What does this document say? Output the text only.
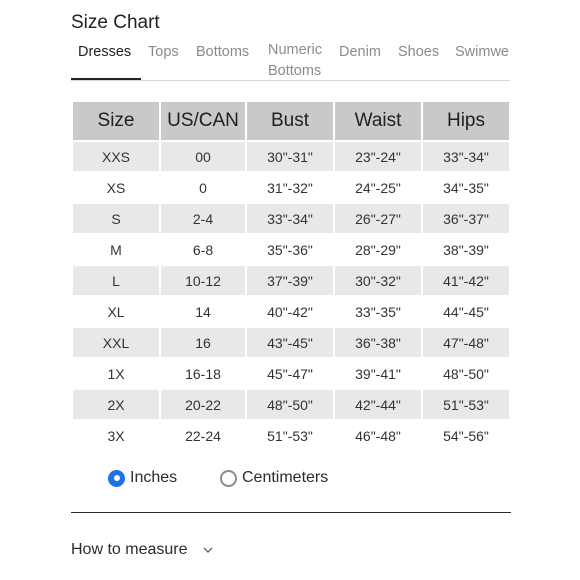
Size Chart
Dresses Tops Bottoms Numeric
Bottoms
Denim Shoes Swimwe
Size	US/CAN	Bust	Waist	Hips
XXS	00	30"-31"	23"-24"	33"-34"
XS	0	31"-32"	24"-25"	34"-35"
S	2-4	33"-34"	26"-27"	36"-37"
M	6-8	35"-36"	28"-29"	38"-39"
L	10-12	37"-39"	30"-32"	41"-42"
XL	14	40"-42"	33"-35"	44"-45"
XXL	16	43"-45"	36"-38"	47"-48"
1X	16-18	45"-47"	39"-41"	48"-50"
2X	20-22	48"-50"	42"-44"	51"-53"
3X	22-24	51"-53"	46"-48"	54"-56"
Inches	Centimeters
How to measure
